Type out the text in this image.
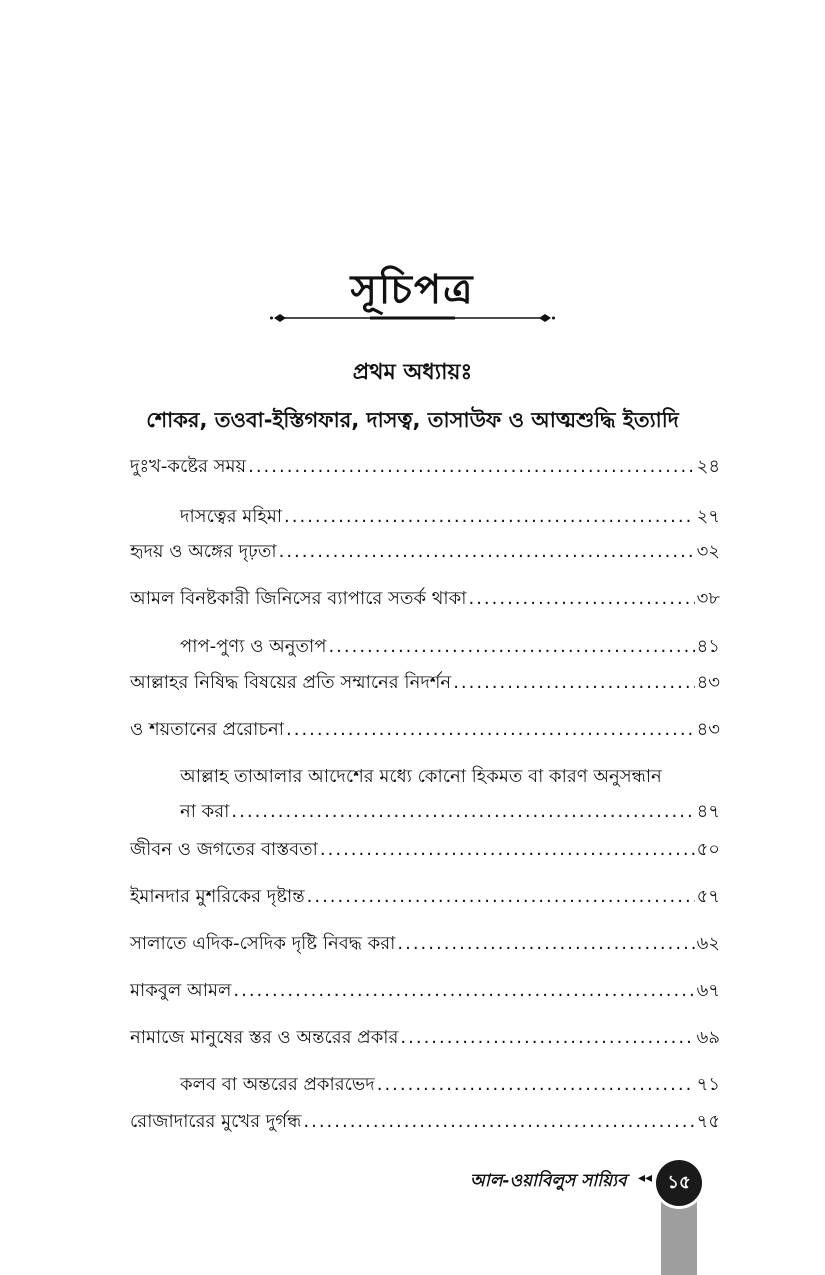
সূচিপত্র
প্রথম অধ্যায়ঃ
শোকর, তওবা-ইস্তিগফার, দাসত্ব, তাসাউফ ও আত্মশুদ্ধি ইত্যাদি
দুঃখ-কষ্টের সময় .....	২৪
দাসত্বের মহিমা .....	২৭
হৃদয় ও অঙ্গের দৃঢ়তা .....	৩২
আমল বিনষ্টকারী জিনিসের ব্যাপারে সতর্ক থাকা .....	৩৮
পাপ-পুণ্য ও অনুতাপ .....	৪১
আল্লাহর নিষিদ্ধ বিষয়ের প্রতি সম্মানের নিদর্শন .....	৪৩
ও শয়তানের প্ররোচনা .....	৪৩
আল্লাহ তাআলার আদেশের মধ্যে কোনো হিকমত বা কারণ অনুসন্ধান
না করা .....	৪৭
জীবন ও জগতের বাস্তবতা .....	৫০
ইমানদার মুশরিকের দৃষ্টান্ত .....	৫৭
সালাতে এদিক-সেদিক দৃষ্টি নিবদ্ধ করা .....	৬২
মাকবুল আমল .....	৬৭
নামাজে মানুষের স্তর ও অন্তরের প্রকার .....	৬৯
কলব বা অন্তরের প্রকারভেদ .....	৭১
রোজাদারের মুখের দুর্গন্ধ .....	৭৫
আল-ওয়াবিলুস সায়্যিব ◂◂ ১৫
